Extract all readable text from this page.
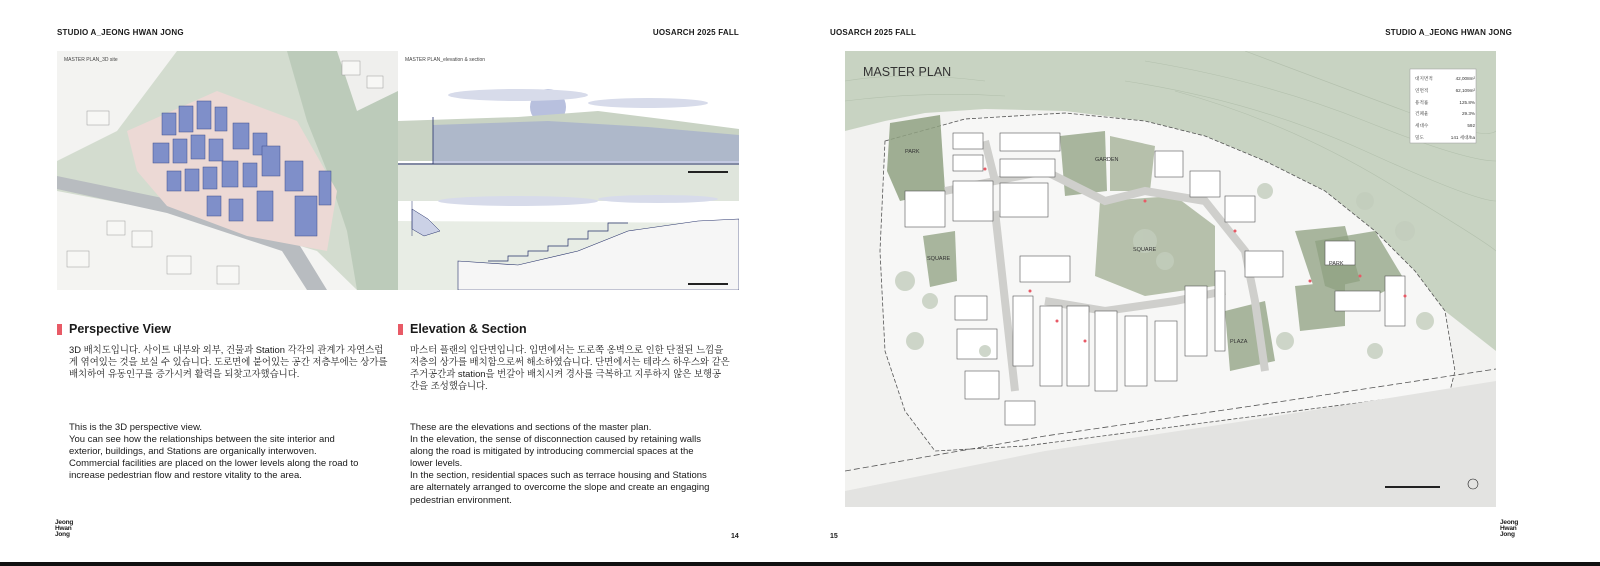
STUDIO A_JEONG HWAN JONG	UOSARCH 2025 FALL
MASTER PLAN_3D site	MASTER PLAN_elevation & section
Perspective View
3D 배치도입니다. 사이트 내부와 외부, 건물과 Station 각각의 관계가 자연스럽
게 엮여있는 것을 보실 수 있습니다. 도로면에 붙어있는 공간 저층부에는 상가를
배치하여 유동인구를 증가시켜 활력을 되찾고자했습니다.
This is the 3D perspective view.
You can see how the relationships between the site interior and
exterior, buildings, and Stations are organically interwoven.
Commercial facilities are placed on the lower levels along the road to
increase pedestrian flow and restore vitality to the area.
Elevation & Section
마스터 플랜의 입단면입니다. 입면에서는 도로쪽 옹벽으로 인한 단절된 느낌을
저층의 상가를 배치함으로써 해소하였습니다. 단면에서는 테라스 하우스와 같은
주거공간과 station을 번갈아 배치시켜 경사를 극복하고 지루하지 않은 보행공
간을 조성했습니다.
These are the elevations and sections of the master plan.
In the elevation, the sense of disconnection caused by retaining walls
along the road is mitigated by introducing commercial spaces at the
lower levels.
In the section, residential spaces such as terrace housing and Stations
are alternately arranged to overcome the slope and create an engaging
pedestrian environment.
Jeong
Hwan
Jong	14
UOSARCH 2025 FALL	STUDIO A_JEONG HWAN JONG
MASTER PLAN
PARK
GARDEN
SQUARE
SQUARE
PARK
PLAZA
대지면적	42,008m²
연면적	62,109m²
용적률	125.8%
건폐율	29.3%
세대수	592
밀도	141 세대/ha
15
Jeong
Hwan
Jong
